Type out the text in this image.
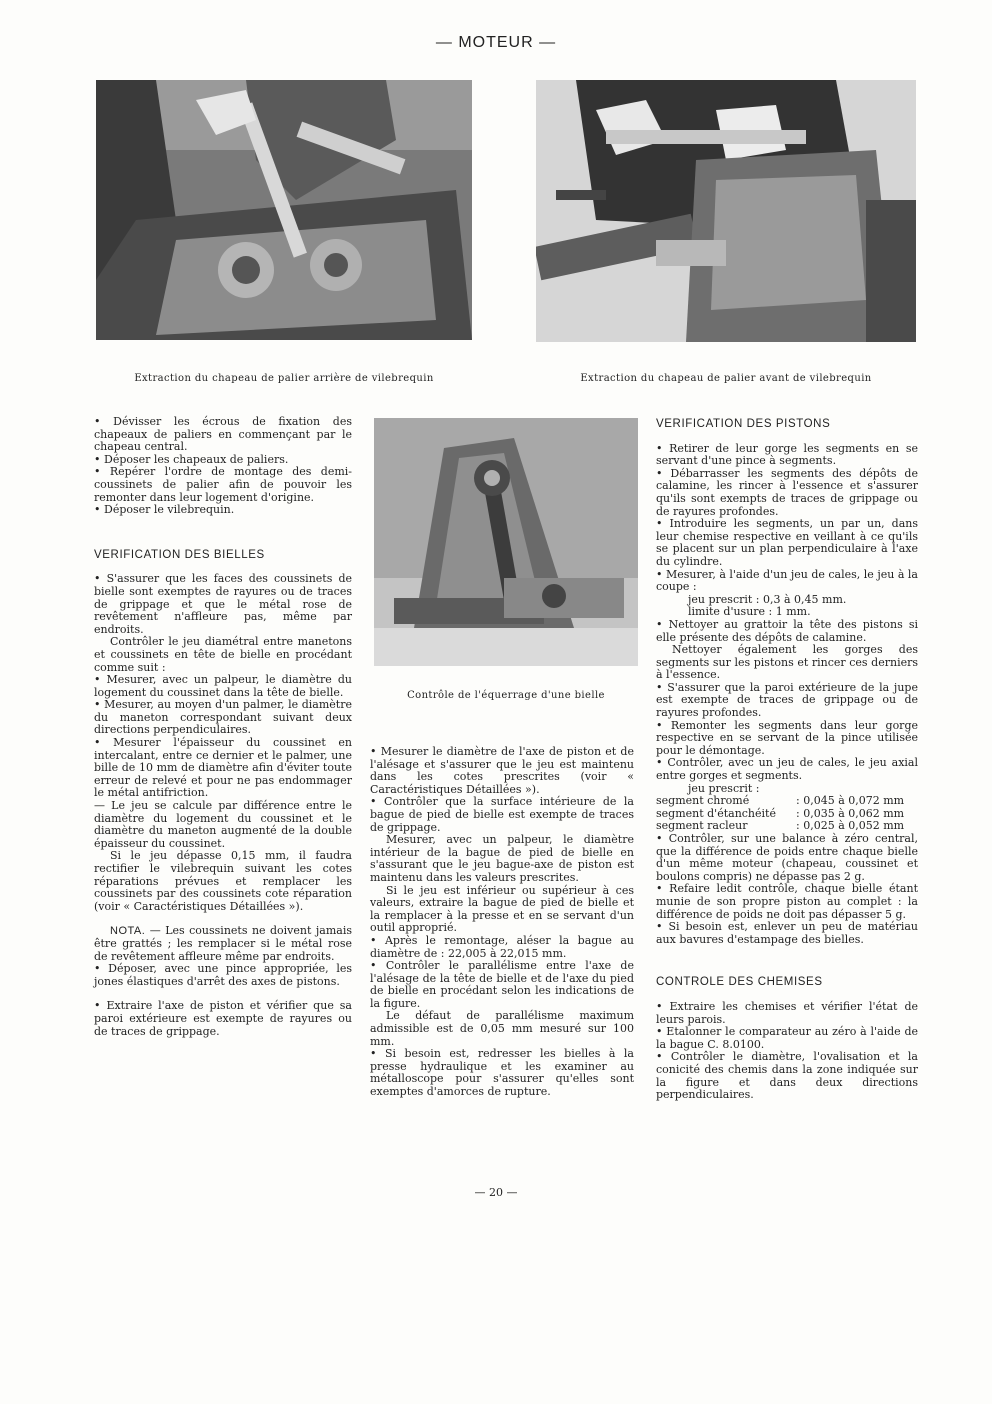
— MOTEUR —
Extraction du chapeau de palier arrière de vilebrequin	Extraction du chapeau de palier avant de vilebrequin

• Dévisser les écrous de fixation des chapeaux de paliers en commençant par le chapeau central.

• Déposer les chapeaux de paliers.

• Repérer l'ordre de montage des demi-coussinets de palier afin de pouvoir les remonter dans leur logement d'origine.

• Déposer le vilebrequin.

VERIFICATION DES BIELLES

• S'assurer que les faces des coussinets de bielle sont exemptes de rayures ou de traces de grippage et que le métal rose de revêtement n'affleure pas, même par endroits.

Contrôler le jeu diamétral entre manetons et coussinets en tête de bielle en procédant comme suit :

• Mesurer, avec un palpeur, le diamètre du logement du coussinet dans la tête de bielle.

• Mesurer, au moyen d'un palmer, le diamètre du maneton correspondant suivant deux directions perpendiculaires.

• Mesurer l'épaisseur du coussinet en intercalant, entre ce dernier et le palmer, une bille de 10 mm de diamètre afin d'éviter toute erreur de relevé et pour ne pas endommager le métal antifriction.

— Le jeu se calcule par différence entre le diamètre du logement du coussinet et le diamètre du maneton augmenté de la double épaisseur du coussinet.

Si le jeu dépasse 0,15 mm, il faudra rectifier le vilebrequin suivant les cotes réparations prévues et remplacer les coussinets par des coussinets cote réparation (voir « Caractéristiques Détaillées »).

NOTA. — Les coussinets ne doivent jamais être grattés ; les remplacer si le métal rose de revêtement affleure même par endroits.

• Déposer, avec une pince appropriée, les jones élastiques d'arrêt des axes de pistons.

• Extraire l'axe de piston et vérifier que sa paroi extérieure est exempte de rayures ou de traces de grippage.

Contrôle de l'équerrage d'une bielle

• Mesurer le diamètre de l'axe de piston et de l'alésage et s'assurer que le jeu est maintenu dans les cotes prescrites (voir « Caractéristiques Détaillées »).

• Contrôler que la surface intérieure de la bague de pied de bielle est exempte de traces de grippage.

Mesurer, avec un palpeur, le diamètre intérieur de la bague de pied de bielle en s'assurant que le jeu bague-axe de piston est maintenu dans les valeurs prescrites.

Si le jeu est inférieur ou supérieur à ces valeurs, extraire la bague de pied de bielle et la remplacer à la presse et en se servant d'un outil approprié.

• Après le remontage, aléser la bague au diamètre de : 22,005 à 22,015 mm.

• Contrôler le parallélisme entre l'axe de l'alésage de la tête de bielle et de l'axe du pied de bielle en procédant selon les indications de la figure.

Le défaut de parallélisme maximum admissible est de 0,05 mm mesuré sur 100 mm.

• Si besoin est, redresser les bielles à la presse hydraulique et les examiner au métalloscope pour s'assurer qu'elles sont exemptes d'amorces de rupture.

VERIFICATION DES PISTONS

• Retirer de leur gorge les segments en se servant d'une pince à segments.

• Débarrasser les segments des dépôts de calamine, les rincer à l'essence et s'assurer qu'ils sont exempts de traces de grippage ou de rayures profondes.

• Introduire les segments, un par un, dans leur chemise respective en veillant à ce qu'ils se placent sur un plan perpendiculaire à l'axe du cylindre.

• Mesurer, à l'aide d'un jeu de cales, le jeu à la coupe :

jeu prescrit : 0,3 à 0,45 mm.

limite d'usure : 1 mm.

• Nettoyer au grattoir la tête des pistons si elle présente des dépôts de calamine.

Nettoyer également les gorges des segments sur les pistons et rincer ces derniers à l'essence.

• S'assurer que la paroi extérieure de la jupe est exempte de traces de grippage ou de rayures profondes.

• Remonter les segments dans leur gorge respective en se servant de la pince utilisée pour le démontage.

• Contrôler, avec un jeu de cales, le jeu axial entre gorges et segments.

jeu prescrit :

segment chromé	: 0,045 à 0,072 mm
segment d'étanchéité	: 0,035 à 0,062 mm
segment racleur	: 0,025 à 0,052 mm

• Contrôler, sur une balance à zéro central, que la différence de poids entre chaque bielle d'un même moteur (chapeau, coussinet et boulons compris) ne dépasse pas 2 g.

• Refaire ledit contrôle, chaque bielle étant munie de son propre piston au complet : la différence de poids ne doit pas dépasser 5 g.

• Si besoin est, enlever un peu de matériau aux bavures d'estampage des bielles.

CONTROLE DES CHEMISES

• Extraire les chemises et vérifier l'état de leurs parois.

• Etalonner le comparateur au zéro à l'aide de la bague C. 8.0100.

• Contrôler le diamètre, l'ovalisation et la conicité des chemis dans la zone indiquée sur la figure et dans deux directions perpendiculaires.

— 20 —
